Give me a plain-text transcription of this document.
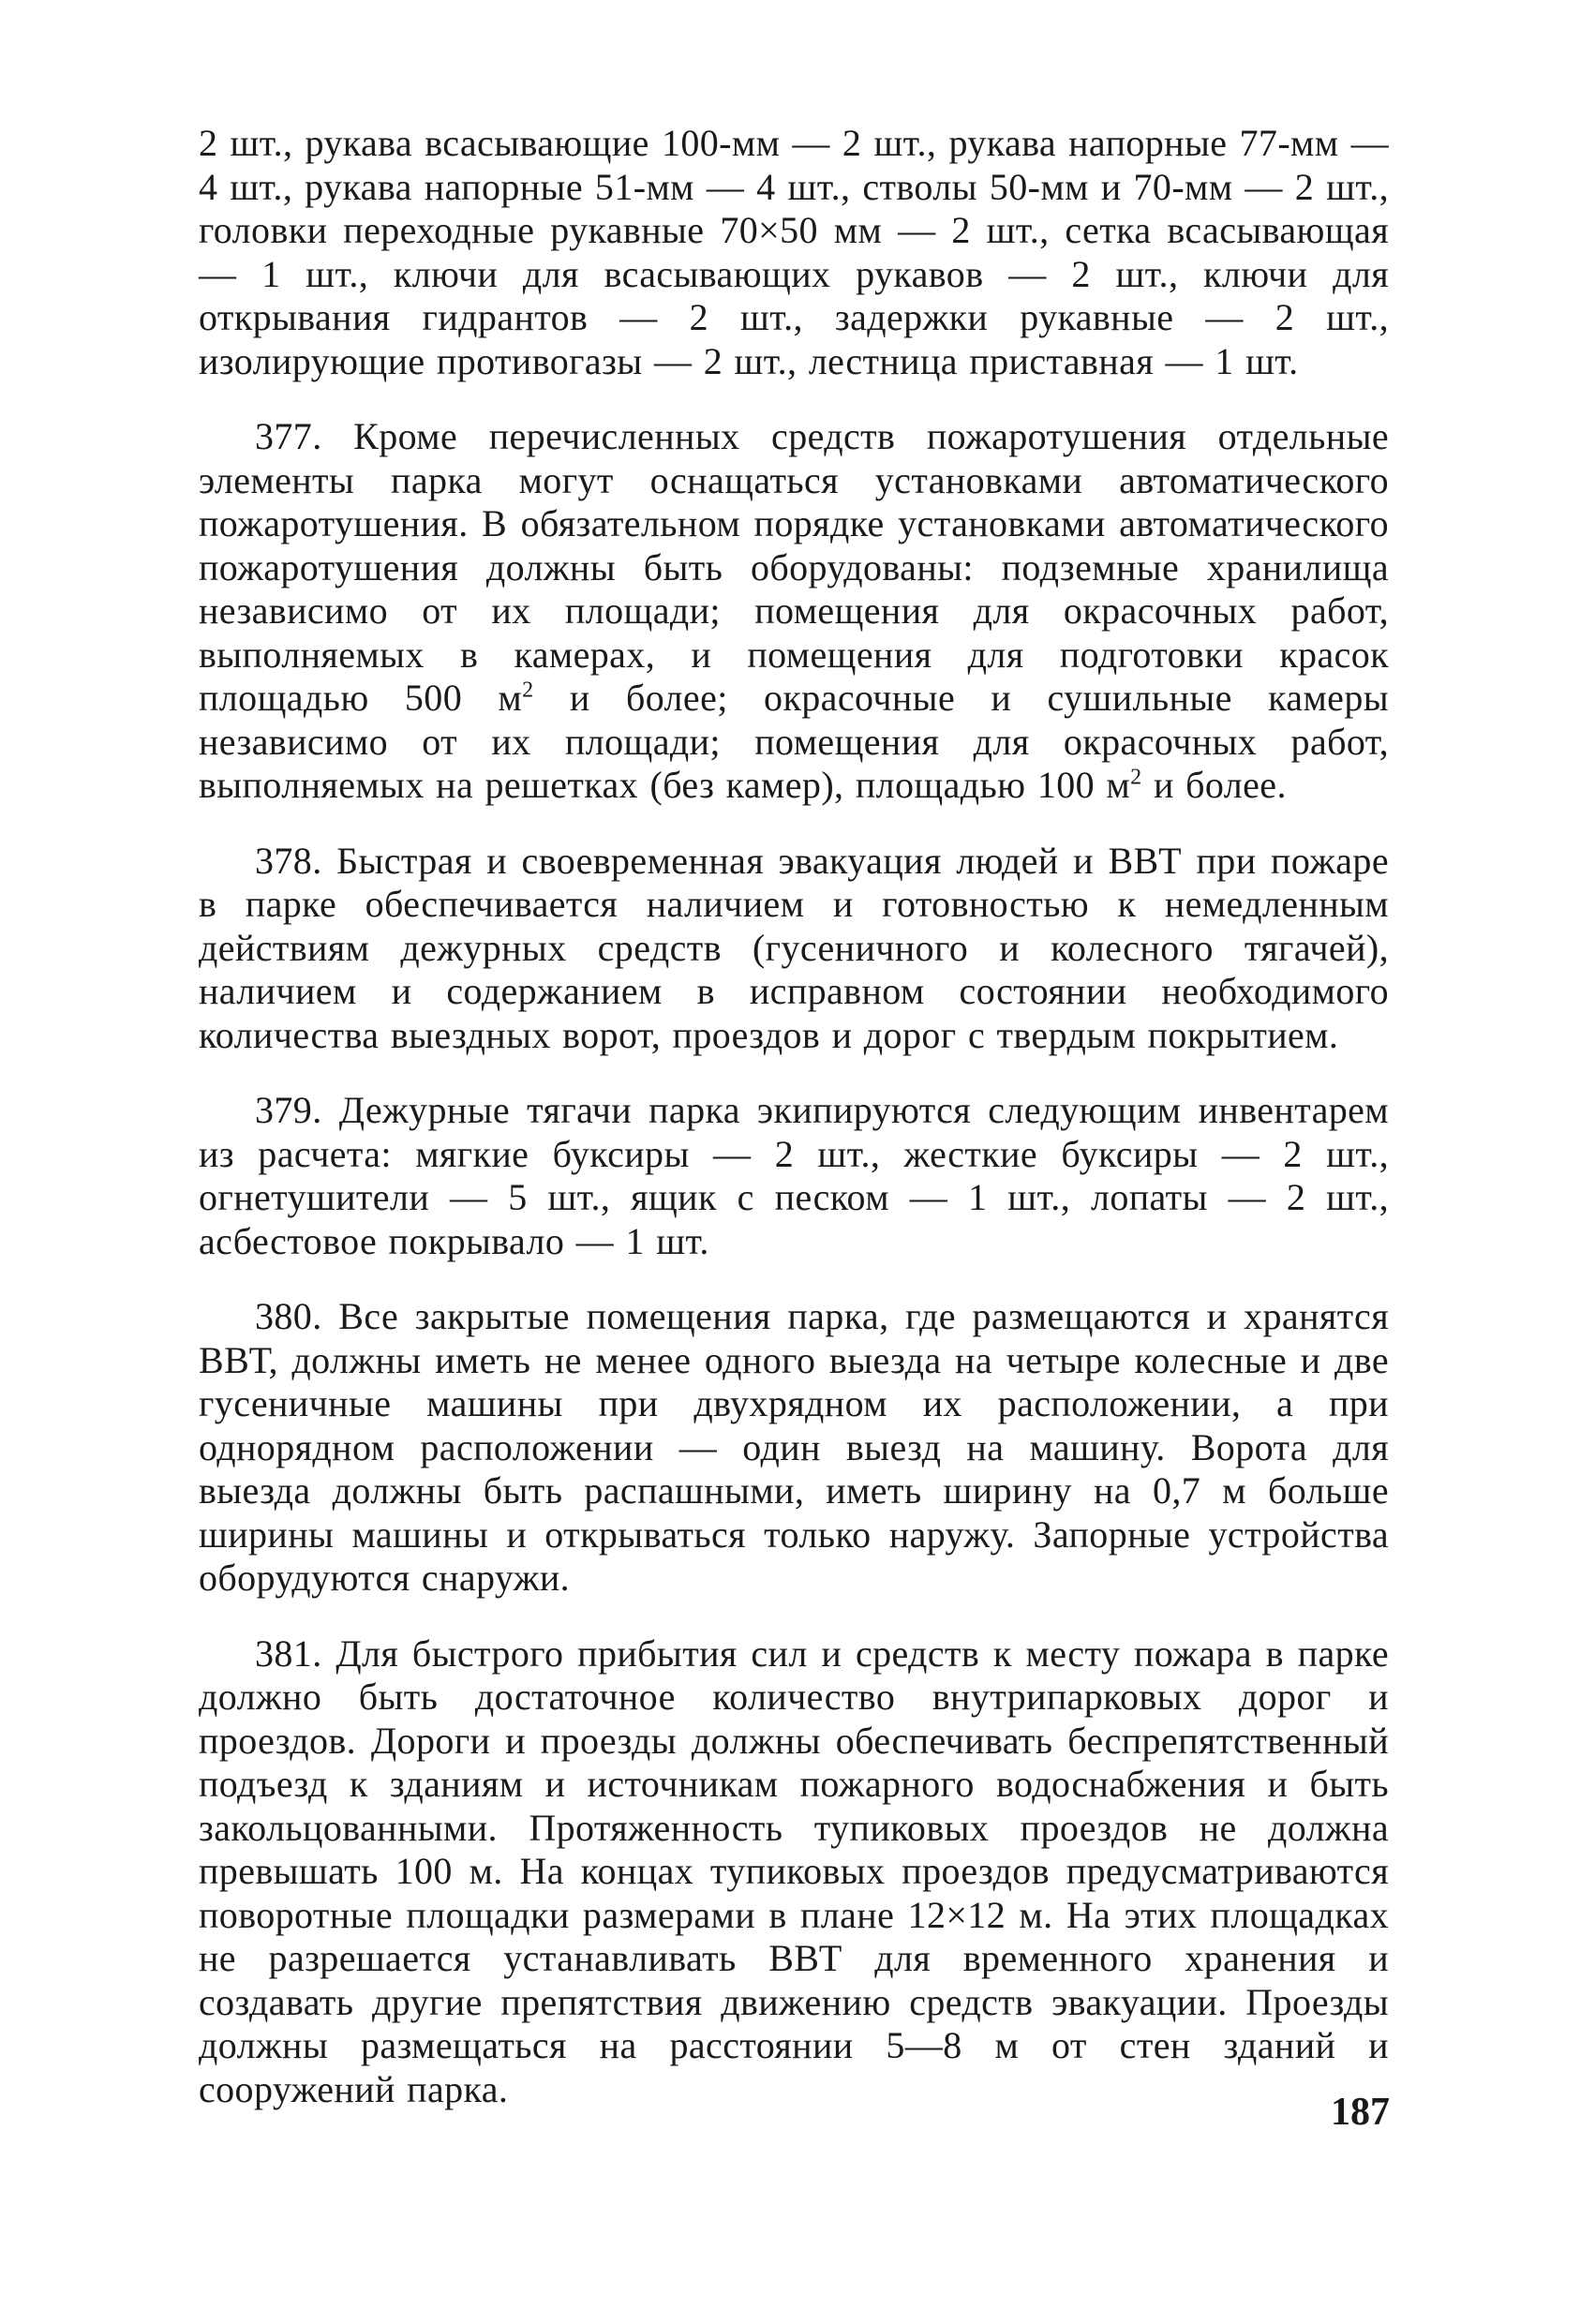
2 шт., рукава всасывающие 100-мм — 2 шт., рукава напорные 77-мм — 4 шт., рукава напорные 51-мм — 4 шт., стволы 50-мм и 70-мм — 2 шт., головки переходные рукавные 70×50 мм — 2 шт., сетка всасывающая — 1 шт., ключи для всасывающих рукавов — 2 шт., ключи для открывания гидрантов — 2 шт., задержки рукавные — 2 шт., изолирующие противогазы — 2 шт., лестница приставная — 1 шт.

377. Кроме перечисленных средств пожаротушения отдельные элементы парка могут оснащаться установками автоматического пожаротушения. В обязательном порядке установками автоматического пожаротушения должны быть оборудованы: подземные хранилища независимо от их площади; помещения для окрасочных работ, выполняемых в камерах, и помещения для подготовки красок площадью 500 $м^2$ и более; окрасочные и сушильные камеры независимо от их площади; помещения для окрасочных работ, выполняемых на решетках (без камер), площадью 100 $м^2$ и более.

378. Быстрая и своевременная эвакуация людей и ВВТ при пожаре в парке обеспечивается наличием и готовностью к немедленным действиям дежурных средств (гусеничного и колесного тягачей), наличием и содержанием в исправном состоянии необходимого количества выездных ворот, проездов и дорог с твердым покрытием.

379. Дежурные тягачи парка экипируются следующим инвентарем из расчета: мягкие буксиры — 2 шт., жесткие буксиры — 2 шт., огнетушители — 5 шт., ящик с песком — 1 шт., лопаты — 2 шт., асбестовое покрывало — 1 шт.

380. Все закрытые помещения парка, где размещаются и хранятся ВВТ, должны иметь не менее одного выезда на четыре колесные и две гусеничные машины при двухрядном их расположении, а при однорядном расположении — один выезд на машину. Ворота для выезда должны быть распашными, иметь ширину на 0,7 м больше ширины машины и открываться только наружу. Запорные устройства оборудуются снаружи.

381. Для быстрого прибытия сил и средств к месту пожара в парке должно быть достаточное количество внутрипарковых дорог и проездов. Дороги и проезды должны обеспечивать беспрепятственный подъезд к зданиям и источникам пожарного водоснабжения и быть закольцованными. Протяженность тупиковых проездов не должна превышать 100 м. На концах тупиковых проездов предусматриваются поворотные площадки размерами в плане 12×12 м. На этих площадках не разрешается устанавливать ВВТ для временного хранения и создавать другие препятствия движению средств эвакуации. Проезды должны размещаться на расстоянии 5—8 м от стен зданий и сооружений парка.

187
